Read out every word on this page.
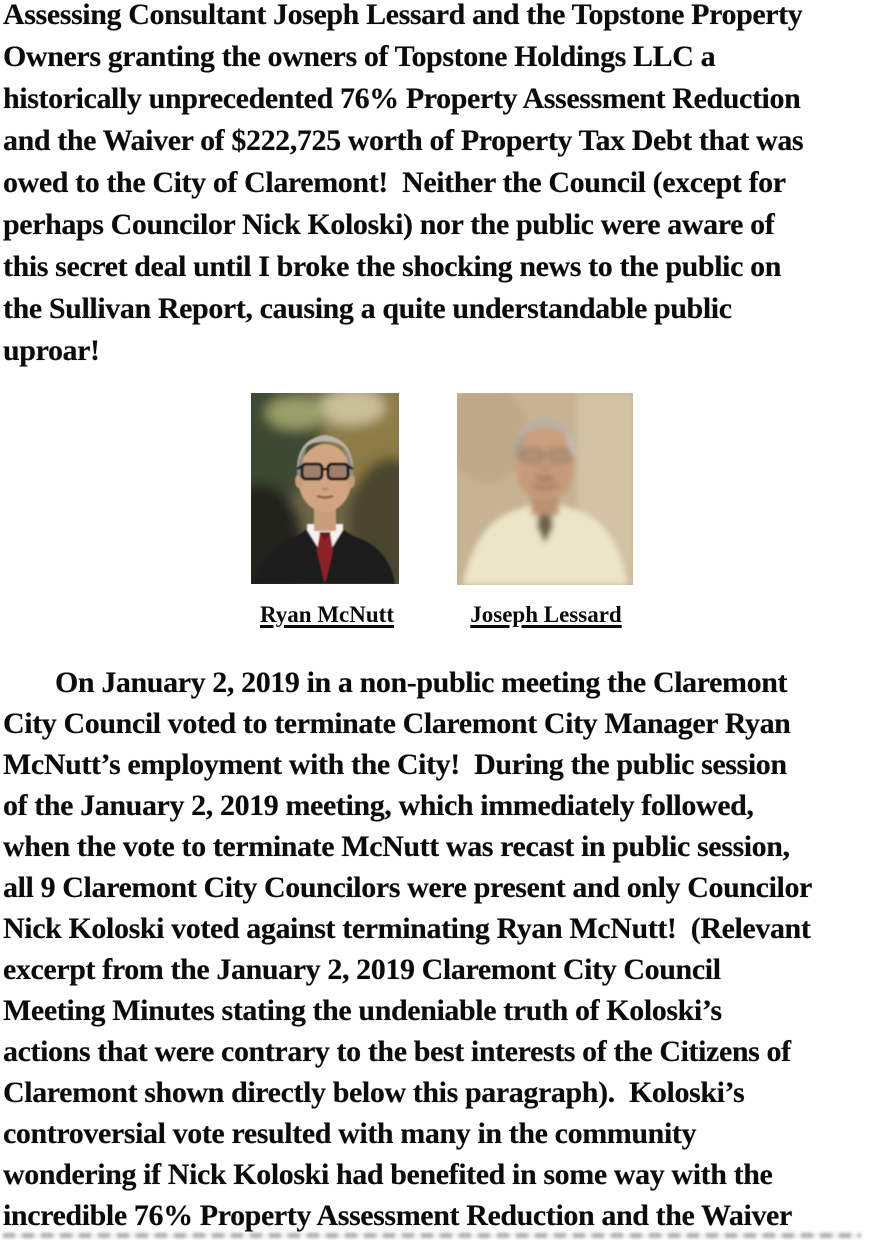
Assessing Consultant Joseph Lessard and the Topstone Property
Owners granting the owners of Topstone Holdings LLC a
historically unprecedented 76% Property Assessment Reduction
and the Waiver of $222,725 worth of Property Tax Debt that was
owed to the City of Claremont!  Neither the Council (except for
perhaps Councilor Nick Koloski) nor the public were aware of
this secret deal until I broke the shocking news to the public on
the Sullivan Report, causing a quite understandable public
uproar!
Ryan McNutt	Joseph Lessard
On January 2, 2019 in a non-public meeting the Claremont
City Council voted to terminate Claremont City Manager Ryan
McNutt’s employment with the City!  During the public session
of the January 2, 2019 meeting, which immediately followed,
when the vote to terminate McNutt was recast in public session,
all 9 Claremont City Councilors were present and only Councilor
Nick Koloski voted against terminating Ryan McNutt!  (Relevant
excerpt from the January 2, 2019 Claremont City Council
Meeting Minutes stating the undeniable truth of Koloski’s
actions that were contrary to the best interests of the Citizens of
Claremont shown directly below this paragraph).  Koloski’s
controversial vote resulted with many in the community
wondering if Nick Koloski had benefited in some way with the
incredible 76% Property Assessment Reduction and the Waiver
